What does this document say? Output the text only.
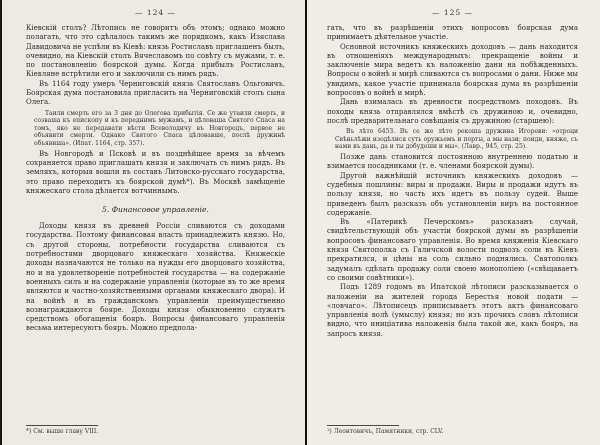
— 124 —

Кіевскій столъ? Лѣтопись не говоритъ объ этомъ; однако можно полагать, что это сдѣлалось такимъ же порядкомъ, какъ Изяслава Давидовича не успѣли въ Кіевѣ: князь Ростиславъ приглашенъ былъ, очевидно, на Кіевскій столъ Вячеславомъ по совѣту съ мужами, т. е. по постановленію боярской думы. Когда прибылъ Ростиславъ, Кіевляне встрѣтили его и заключили съ нимъ рядъ.

Въ 1164 году умеръ Черниговскій князь Святославъ Ольговичъ. Боярская дума постановила пригласить на Черниговскій столъ сына Олега.

Таили смерть его за 3 дня до Олегова прибытія. Се же утаили смерть, и созваша къ епископу и къ переднимъ мужамъ, и цѣловаша Святого Спаса на томъ, яко не передавати вѣсти Всеволодичу въ Новгородъ, первое не объявити смерти. Однако Святого Спаса цѣловавше, послѣ дружинѣ объявиша». (Ипат. 1164, стр. 357).

Въ Новгородѣ и Псковѣ и въ позднѣйшее время за вѣчемъ сохраняется право приглашать князя и заключать съ нимъ рядъ. Въ земляхъ, которыя вошли въ составъ Литовско-русскаго государства, это право переходитъ къ боярской думѣ*). Въ Москвѣ замѣщеніе княжескаго стола дѣлается вотчиннымъ.

5. Финансовое управленіе.

Доходы князя въ древней Россіи сливаются съ доходами государства. Поэтому финансовая власть принадлежитъ князю. Но, съ другой стороны, потребности государства сливаются съ потребностями дворцоваго княжескаго хозяйства. Княжескіе доходы назначаются не только на нужды его дворцоваго хозяйства, но и на удовлетвореніе потребностей государства — на содержаніе военныхъ силъ и на содержаніе управленія (которые въ то же время являются и частно-хозяйственными органами княжескаго двора). И на войнѣ и въ гражданскомъ управленіи преимущественно вознаграждаются бояре. Доходы князя обыкновенно служатъ средствомъ обогащенія бояръ. Вопросы финансоваго управленія весьма интересуютъ бояръ. Можно предпола-

*) См. выше главу VIII.

— 125 —

гать, что въ разрѣшеніи этихъ вопросовъ боярская дума принимаетъ дѣятельное участіе.

Основной источникъ княжескихъ доходовъ — дань находится въ отношеніяхъ международныхъ: прекращеніе войны и заключеніе мира ведетъ къ наложенію дани на побѣжденныхъ. Вопросы о войнѣ и мирѣ сливаются съ вопросами о дани. Ниже мы увидимъ, какое участіе принимала боярская дума въ разрѣшеніи вопросовъ о войнѣ и мирѣ.

Дань взималась въ древности посредствомъ походовъ. Въ походы князь отправлялся вмѣстѣ съ дружиною и, очевидно, послѣ предварительнаго совѣщанія съ дружиною (старшею):

Въ лѣто 6453. Въ се же лѣто рекоша дружина Игореви: «отроци Свѣньлѣжи изодѣлися суть оружьемъ и порты, а мы нази; поиди, княже, съ нами въ дань, да и ты добудеши и мы». (Лавр., 945, стр. 25).

Позже дань становится постоянною внутреннею податью и взимается посадниками (т. е. членами боярской думы).

Другой важнѣйшій источникъ княжескихъ доходовъ — судебныя пошлины: виры и продажи. Виры и продажи идутъ въ пользу князя, но часть ихъ идетъ въ пользу судей. Выше приведенъ былъ разсказъ объ установленіи виръ на постоянное содержаніе.

Въ «Патерикѣ Печерскомъ» разсказанъ случай, свидѣтельствующій объ участіи боярской думы въ разрѣшеніи вопросовъ финансоваго управленія. Во время княженія Кіевскаго князя Святополка съ Галичской волости подвозъ соли въ Кіевъ прекратился, и цѣны на соль сильно поднялись. Святополкъ задумалъ сдѣлать продажу соли своею монополіею («свѣщаваетъ со своими совѣтники»).

Подъ 1289 годомъ въ Ипатской лѣтописи разсказывается о наложеніи на жителей города Берестья новой подати — «ловчаго». Лѣтописецъ приписываетъ этотъ актъ финансоваго управленія волѣ (умыслу) князя; но изъ прочихъ словъ лѣтописи видно, что иниціатива наложенія была такой же, какъ бояръ, на запросъ князя.

¹) Леонтовичъ, Памятники, стр. CLV.
